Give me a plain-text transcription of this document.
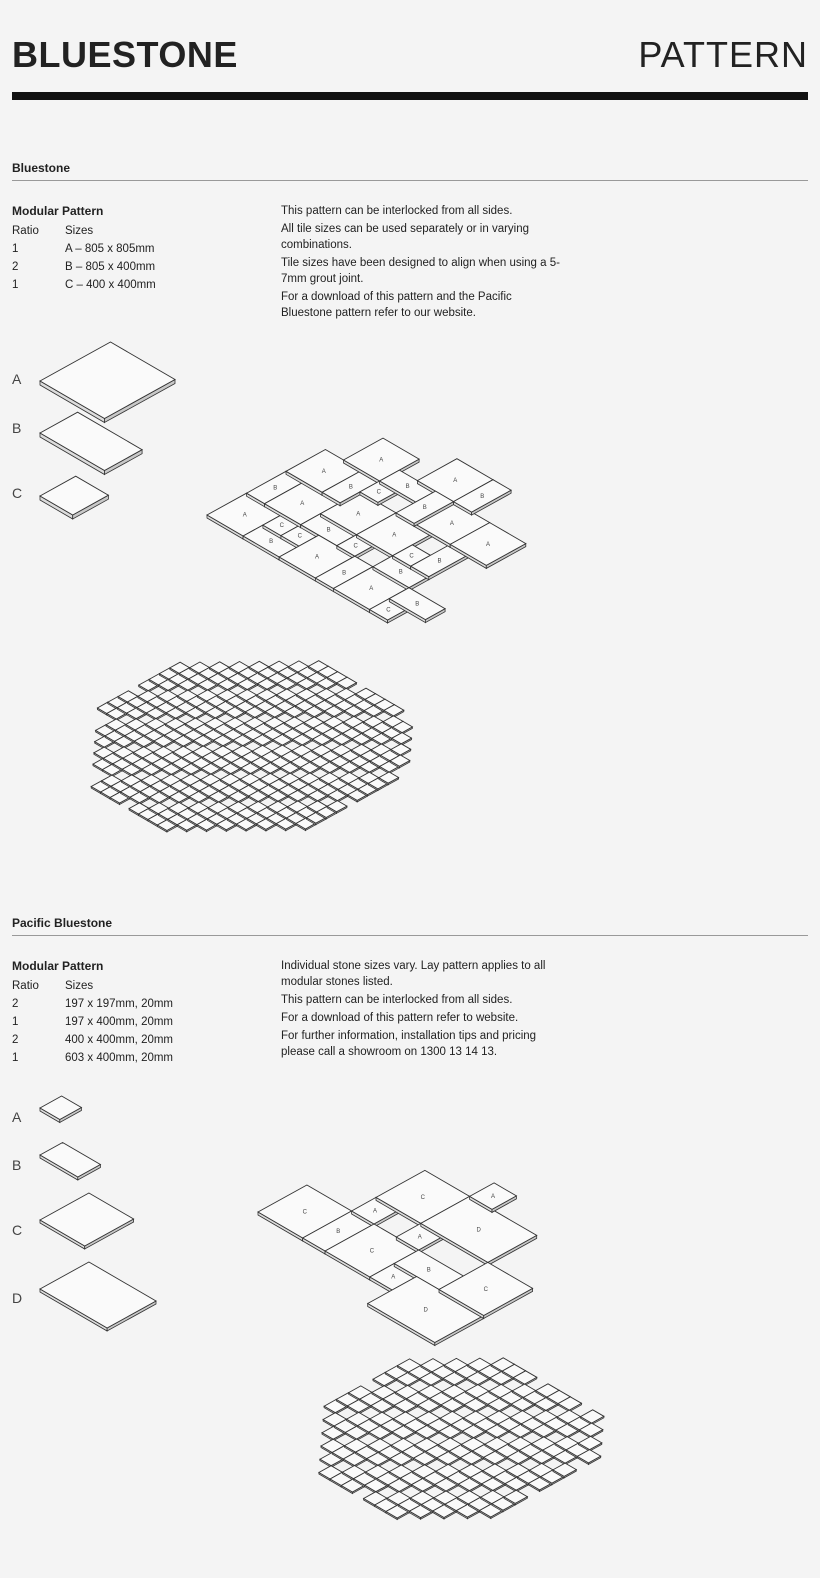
BLUESTONE	PATTERN
Bluestone
Modular Pattern
Ratio	Sizes
1	A – 805 x 805mm
2	B – 805 x 400mm
1	C – 400 x 400mm

This pattern can be interlocked from all sides.

All tile sizes can be used separately or in varying combinations.

Tile sizes have been designed to align when using a 5-7mm grout joint.

For a download of this pattern and the Pacific Bluestone pattern refer to our website.

A
B
C
Pacific Bluestone
Modular Pattern
Ratio	Sizes
2	197 x 197mm, 20mm
1	197 x 400mm, 20mm
2	400 x 400mm, 20mm
1	603 x 400mm, 20mm

Individual stone sizes vary. Lay pattern applies to all modular stones listed.

This pattern can be interlocked from all sides.

For a download of this pattern refer to website.

For further information, installation tips and pricing please call a showroom on 1300 13 14 13.

A
B
C
D
A
B
C
C
B
A
B
A
A
C
B
A
A
B
A
B
C
B
A
C
B
A
A
C
B
B
A
B
C
B
A
C
C
A
A
D
B
D
C
A
